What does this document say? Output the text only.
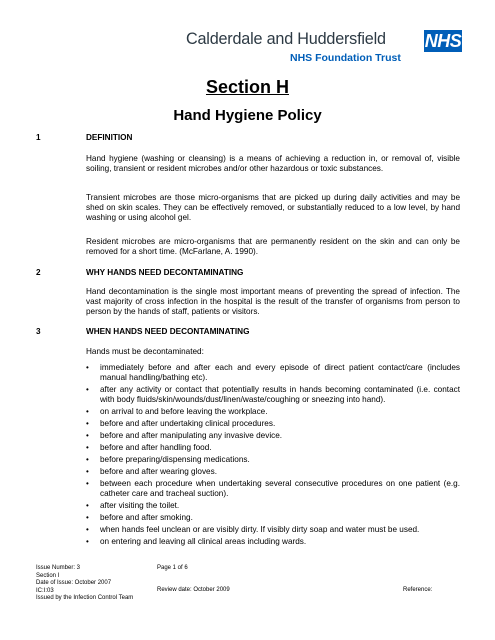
Calderdale and Huddersfield NHS
NHS Foundation Trust
Section H
Hand Hygiene Policy
1	DEFINITION
Hand hygiene (washing or cleansing) is a means of achieving a reduction in, or removal of, visible soiling, transient or resident microbes and/or other hazardous or toxic substances.
Transient microbes are those micro-organisms that are picked up during daily activities and may be shed on skin scales. They can be effectively removed, or substantially reduced to a low level, by hand washing or using alcohol gel.
Resident microbes are micro-organisms that are permanently resident on the skin and can only be removed for a short time. (McFarlane, A. 1990).
2	WHY HANDS NEED DECONTAMINATING
Hand decontamination is the single most important means of preventing the spread of infection. The vast majority of cross infection in the hospital is the result of the transfer of organisms from person to person by the hands of staff, patients or visitors.
3	WHEN HANDS NEED DECONTAMINATING
Hands must be decontaminated:
• immediately before and after each and every episode of direct patient contact/care (includes manual handling/bathing etc).
• after any activity or contact that potentially results in hands becoming contaminated (i.e. contact with body fluids/skin/wounds/dust/linen/waste/coughing or sneezing into hand).
• on arrival to and before leaving the workplace.
• before and after undertaking clinical procedures.
• before and after manipulating any invasive device.
• before and after handling food.
• before preparing/dispensing medications.
• before and after wearing gloves.
• between each procedure when undertaking several consecutive procedures on one patient (e.g. catheter care and tracheal suction).
• after visiting the toilet.
• before and after smoking.
• when hands feel unclean or are visibly dirty. If visibly dirty soap and water must be used.
• on entering and leaving all clinical areas including wards.
Issue Number: 3
Section I
Date of Issue: October 2007
IC:I:03
Issued by the Infection Control Team
Page 1 of 6
Review date: October 2009	Reference:
